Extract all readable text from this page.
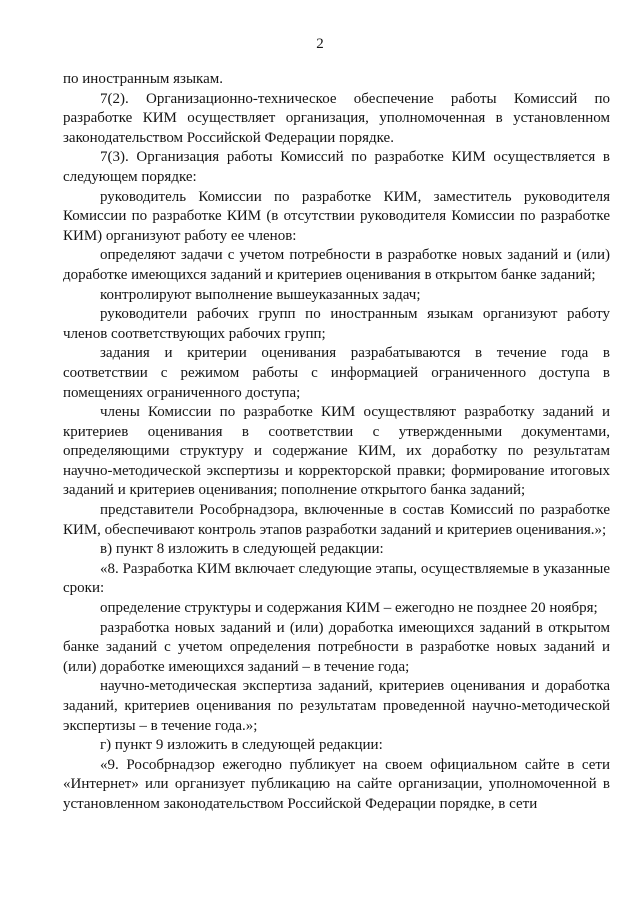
2

по иностранным языкам.

7(2). Организационно-техническое обеспечение работы Комиссий по разработке КИМ осуществляет организация, уполномоченная в установленном законодательством Российской Федерации порядке.

7(3). Организация работы Комиссий по разработке КИМ осуществляется в следующем порядке:

руководитель Комиссии по разработке КИМ, заместитель руководителя Комиссии по разработке КИМ (в отсутствии руководителя Комиссии по разработке КИМ) организуют работу ее членов:

определяют задачи с учетом потребности в разработке новых заданий и (или) доработке имеющихся заданий и критериев оценивания в открытом банке заданий;

контролируют выполнение вышеуказанных задач;

руководители рабочих групп по иностранным языкам организуют работу членов соответствующих рабочих групп;

задания и критерии оценивания разрабатываются в течение года в соответствии с режимом работы с информацией ограниченного доступа в помещениях ограниченного доступа;

члены Комиссии по разработке КИМ осуществляют разработку заданий и критериев оценивания в соответствии с утвержденными документами, определяющими структуру и содержание КИМ, их доработку по результатам научно-методической экспертизы и корректорской правки; формирование итоговых заданий и критериев оценивания; пополнение открытого банка заданий;

представители Рособрнадзора, включенные в состав Комиссий по разработке КИМ, обеспечивают контроль этапов разработки заданий и критериев оценивания.»;

в) пункт 8 изложить в следующей редакции:

«8. Разработка КИМ включает следующие этапы, осуществляемые в указанные сроки:

определение структуры и содержания КИМ – ежегодно не позднее 20 ноября;

разработка новых заданий и (или) доработка имеющихся заданий в открытом банке заданий с учетом определения потребности в разработке новых заданий и (или) доработке имеющихся заданий – в течение года;

научно-методическая экспертиза заданий, критериев оценивания и доработка заданий, критериев оценивания по результатам проведенной научно-методической экспертизы – в течение года.»;

г) пункт 9 изложить в следующей редакции:

«9. Рособрнадзор ежегодно публикует на своем официальном сайте в сети «Интернет» или организует публикацию на сайте организации, уполномоченной в установленном законодательством Российской Федерации порядке, в сети
